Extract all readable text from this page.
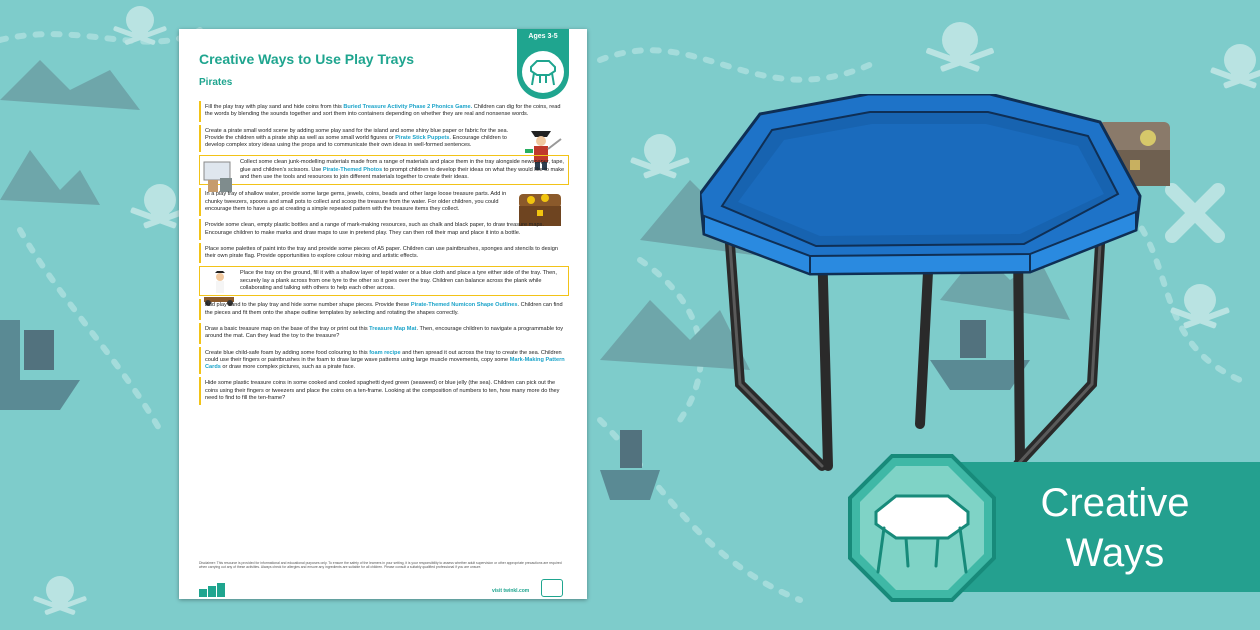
Creative Ways to Use Play Trays
Pirates
Ages 3-5
Fill the play tray with play sand and hide coins from this Buried Treasure Activity Phase 2 Phonics Game. Children can dig for the coins, read the words by blending the sounds together and sort them into containers depending on whether they are real and nonsense words.
Create a pirate small world scene by adding some play sand for the island and some shiny blue paper or fabric for the sea. Provide the children with a pirate ship as well as some small world figures or Pirate Stick Puppets. Encourage children to develop complex story ideas using the props and to communicate their own ideas in well-formed sentences.
Collect some clean junk-modelling materials made from a range of materials and place them in the tray alongside newspaper, tape, glue and children's scissors. Use Pirate-Themed Photos to prompt children to develop their ideas on what they would like to make and then use the tools and resources to join different materials together to create their ideas.
In a play tray of shallow water, provide some large gems, jewels, coins, beads and other large loose treasure parts. Add in chunky tweezers, spoons and small pots to collect and scoop the treasure from the water. For older children, you could encourage them to have a go at creating a simple repeated pattern with the treasure items they collect.
Provide some clean, empty plastic bottles and a range of mark-making resources, such as chalk and black paper, to draw treasure maps. Encourage children to make marks and draw maps to use in pretend play. They can then roll their map and place it into a bottle.
Place some palettes of paint into the tray and provide some pieces of A5 paper. Children can use paintbrushes, sponges and stencils to design their own pirate flag. Provide opportunities to explore colour mixing and artistic effects.
Place the tray on the ground, fill it with a shallow layer of tepid water or a blue cloth and place a tyre either side of the tray. Then, securely lay a plank across from one tyre to the other so it goes over the tray. Children can balance across the plank while collaborating and talking with others to help each other across.
Add play sand to the play tray and hide some number shape pieces. Provide these Pirate-Themed Numicon Shape Outlines. Children can find the pieces and fit them onto the shape outline templates by selecting and rotating the shapes correctly.
Draw a basic treasure map on the base of the tray or print out this Treasure Map Mat. Then, encourage children to navigate a programmable toy around the mat. Can they lead the toy to the treasure?
Create blue child-safe foam by adding some food colouring to this foam recipe and then spread it out across the tray to create the sea. Children could use their fingers or paintbrushes in the foam to draw large wave patterns using large muscle movements, copy some Mark-Making Pattern Cards or draw more complex pictures, such as a pirate face.
Hide some plastic treasure coins in some cooked and cooled spaghetti dyed green (seaweed) or blue jelly (the sea). Children can pick out the coins using their fingers or tweezers and place the coins on a ten-frame. Looking at the composition of numbers to ten, how many more do they need to find to fill the ten-frame?
Disclaimer: This resource is provided for informational and educational purposes only. To ensure the safety of the learners in your setting, it is your responsibility to assess whether adult supervision or other appropriate precautions are required when carrying out any of these activities. Always check for allergies and ensure any ingredients are suitable for all children. Please consult a suitably qualified professional if you are unsure.
visit twinkl.com
Creative
Ways
